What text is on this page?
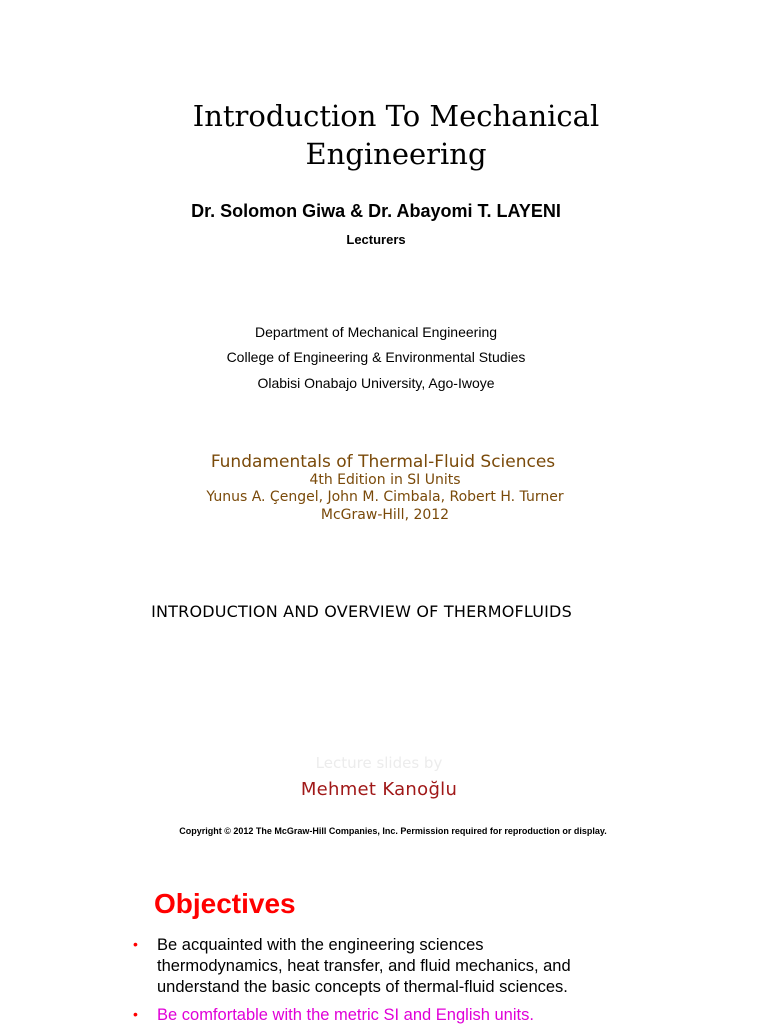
Introduction To Mechanical
Engineering
Dr. Solomon Giwa & Dr. Abayomi T. LAYENI
Lecturers
Department of Mechanical Engineering
College of Engineering & Environmental Studies
Olabisi Onabajo University, Ago-Iwoye
Fundamentals of Thermal-Fluid Sciences
4th Edition in SI Units
Yunus A. Çengel, John M. Cimbala, Robert H. Turner
McGraw-Hill, 2012
INTRODUCTION AND OVERVIEW OF THERMOFLUIDS
Lecture slides by
Mehmet Kanoğlu
Copyright © 2012 The McGraw-Hill Companies, Inc. Permission required for reproduction or display.
Objectives
• Be acquainted with the engineering sciences thermodynamics, heat transfer, and fluid mechanics, and understand the basic concepts of thermal-fluid sciences.
• Be comfortable with the metric SI and English units.
